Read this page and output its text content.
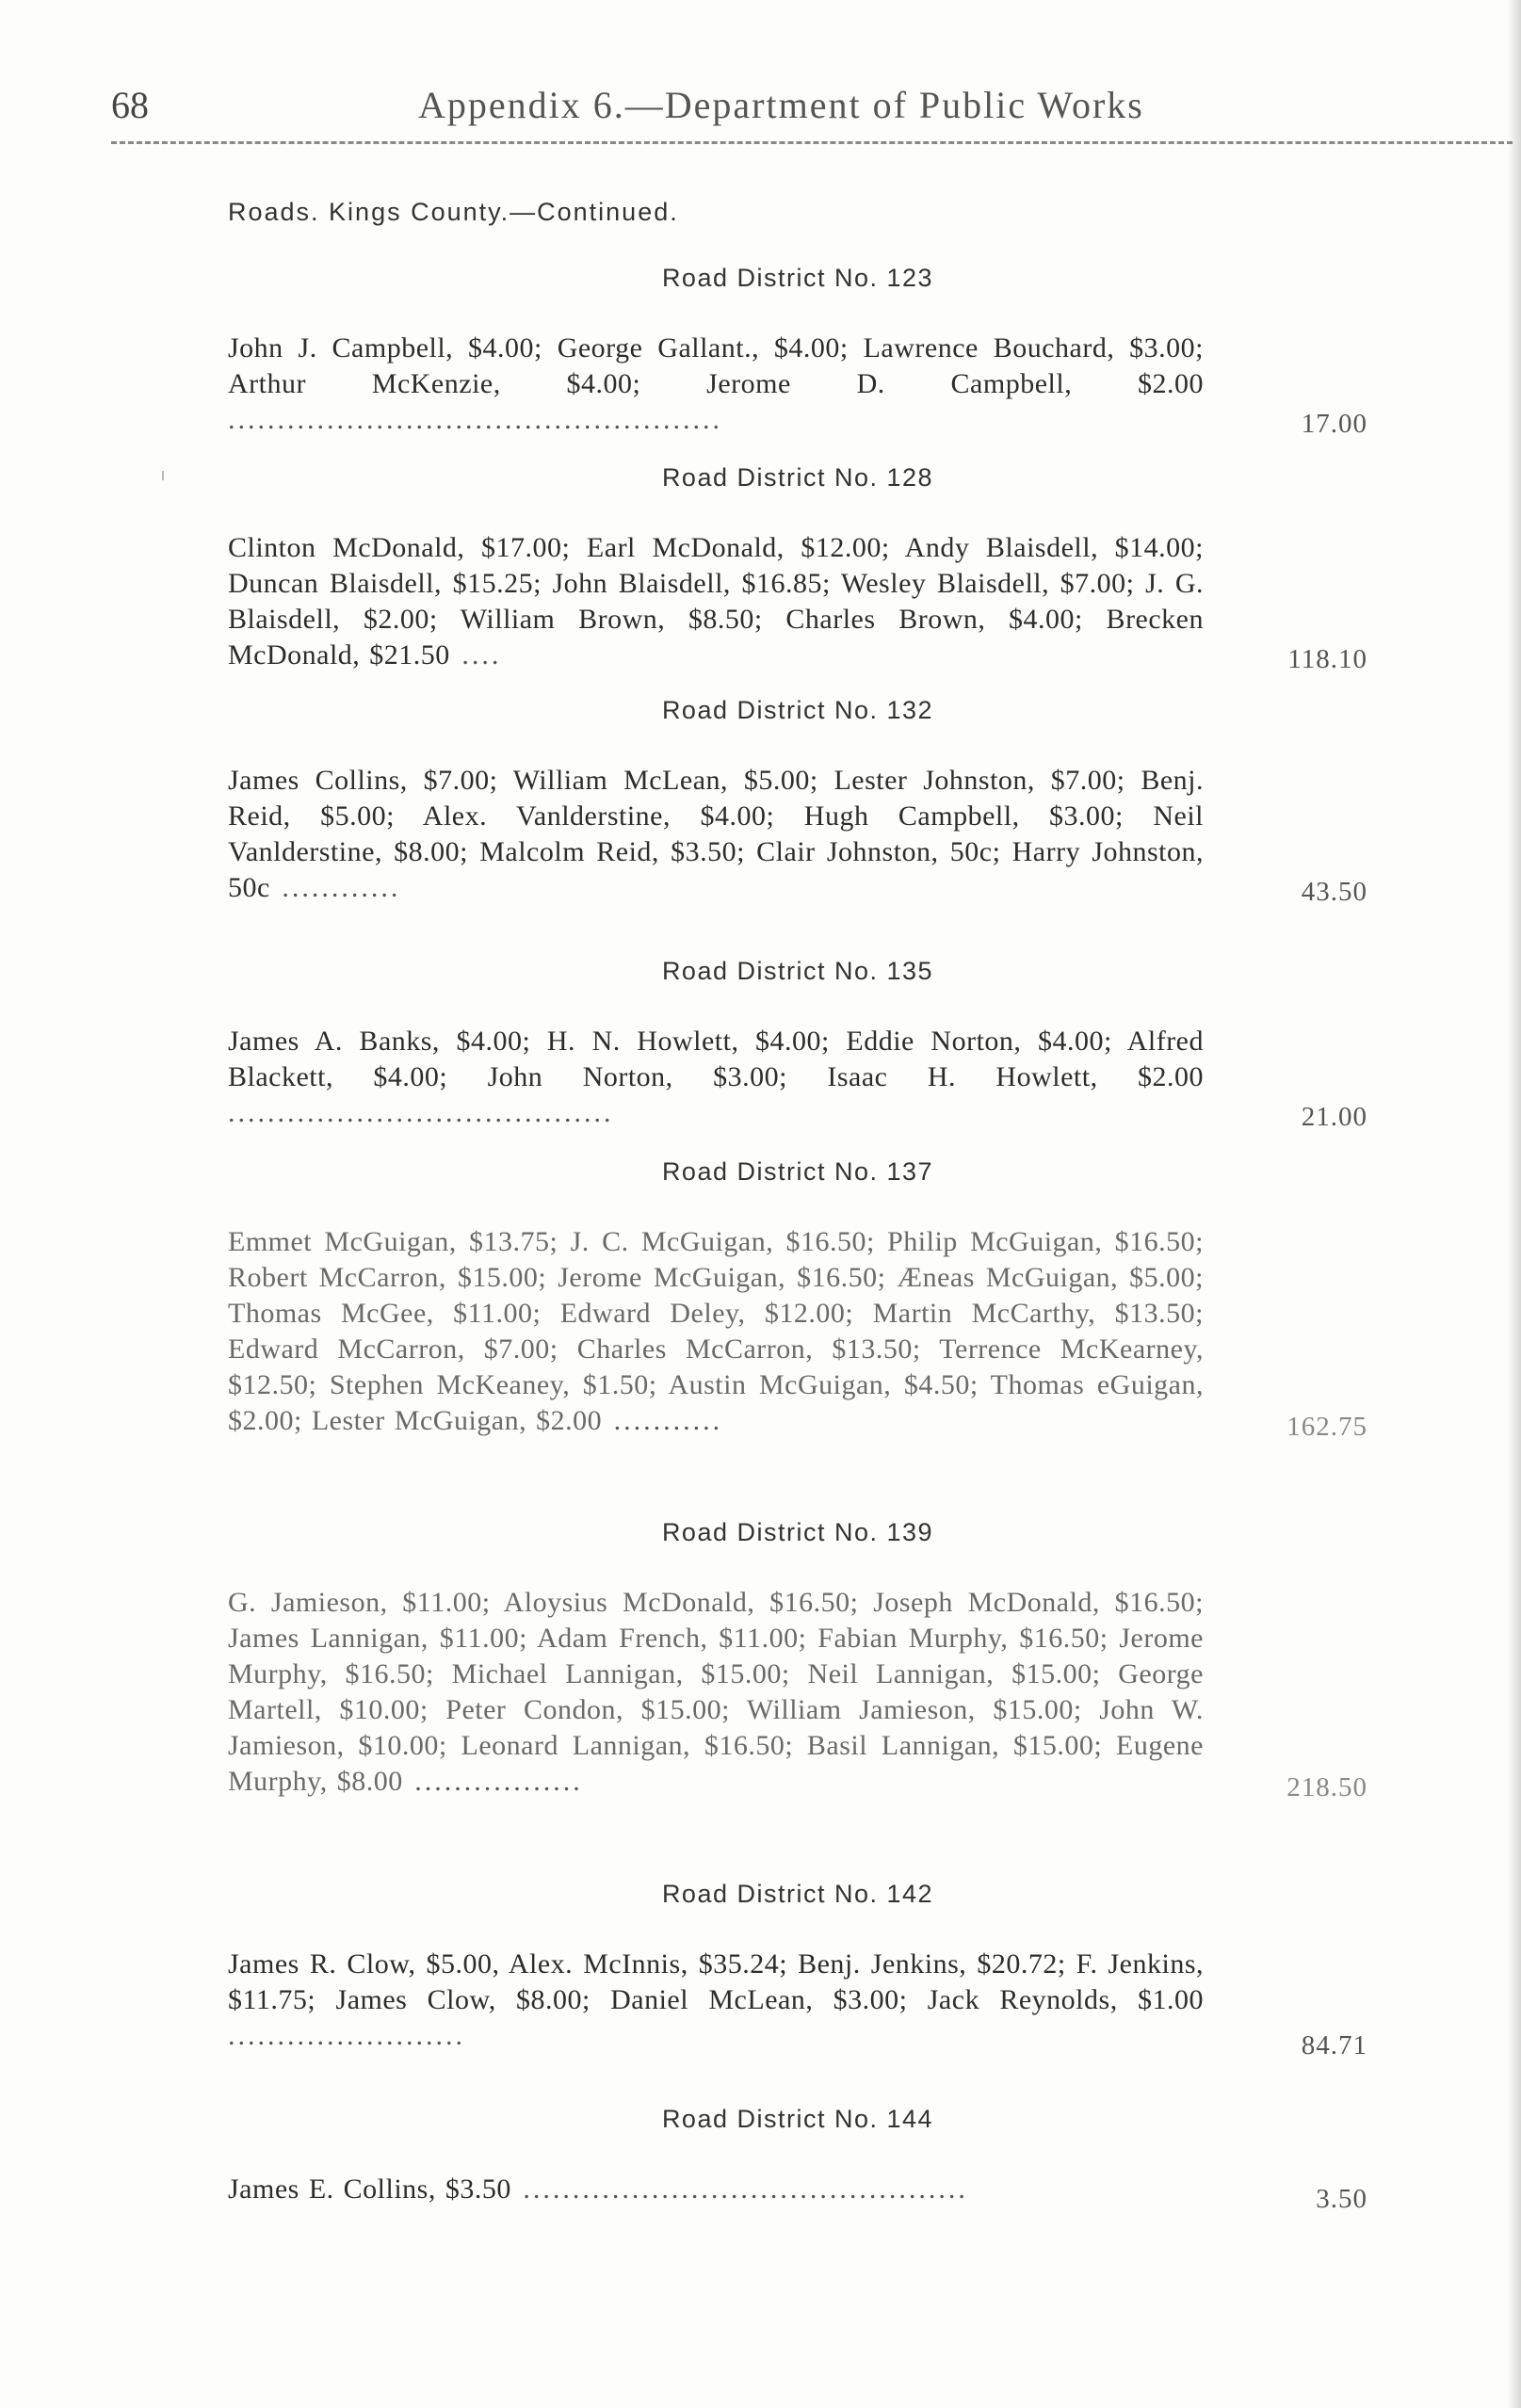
68	Appendix 6.—Department of Public Works
Roads. Kings County.—Continued.
Road District No. 123
John J. Campbell, $4.00; George Gallant., $4.00; Lawrence Bouchard, $3.00; Arthur McKenzie, $4.00; Jerome D. Campbell, $2.00 ..................................................	17.00
Road District No. 128
Clinton McDonald, $17.00; Earl McDonald, $12.00; Andy Blaisdell, $14.00; Duncan Blaisdell, $15.25; John Blaisdell, $16.85; Wesley Blaisdell, $7.00; J. G. Blaisdell, $2.00; William Brown, $8.50; Charles Brown, $4.00; Brecken McDonald, $21.50 ....	118.10
Road District No. 132
James Collins, $7.00; William McLean, $5.00; Lester Johnston, $7.00; Benj. Reid, $5.00; Alex. Vanlderstine, $4.00; Hugh Campbell, $3.00; Neil Vanlderstine, $8.00; Malcolm Reid, $3.50; Clair Johnston, 50c; Harry Johnston, 50c ............	43.50
Road District No. 135
James A. Banks, $4.00; H. N. Howlett, $4.00; Eddie Norton, $4.00; Alfred Blackett, $4.00; John Norton, $3.00; Isaac H. Howlett, $2.00 .......................................	21.00
Road District No. 137
Emmet McGuigan, $13.75; J. C. McGuigan, $16.50; Philip McGuigan, $16.50; Robert McCarron, $15.00; Jerome McGuigan, $16.50; Æneas McGuigan, $5.00; Thomas McGee, $11.00; Edward Deley, $12.00; Martin McCarthy, $13.50; Edward McCarron, $7.00; Charles McCarron, $13.50; Terrence McKearney, $12.50; Stephen McKeaney, $1.50; Austin McGuigan, $4.50; Thomas eGuigan, $2.00; Lester McGuigan, $2.00 ...........	162.75
Road District No. 139
G. Jamieson, $11.00; Aloysius McDonald, $16.50; Joseph McDonald, $16.50; James Lannigan, $11.00; Adam French, $11.00; Fabian Murphy, $16.50; Jerome Murphy, $16.50; Michael Lannigan, $15.00; Neil Lannigan, $15.00; George Martell, $10.00; Peter Condon, $15.00; William Jamieson, $15.00; John W. Jamieson, $10.00; Leonard Lannigan, $16.50; Basil Lannigan, $15.00; Eugene Murphy, $8.00 .................	218.50
Road District No. 142
James R. Clow, $5.00, Alex. McInnis, $35.24; Benj. Jenkins, $20.72; F. Jenkins, $11.75; James Clow, $8.00; Daniel McLean, $3.00; Jack Reynolds, $1.00 ........................	84.71
Road District No. 144
James E. Collins, $3.50 .............................................	3.50
